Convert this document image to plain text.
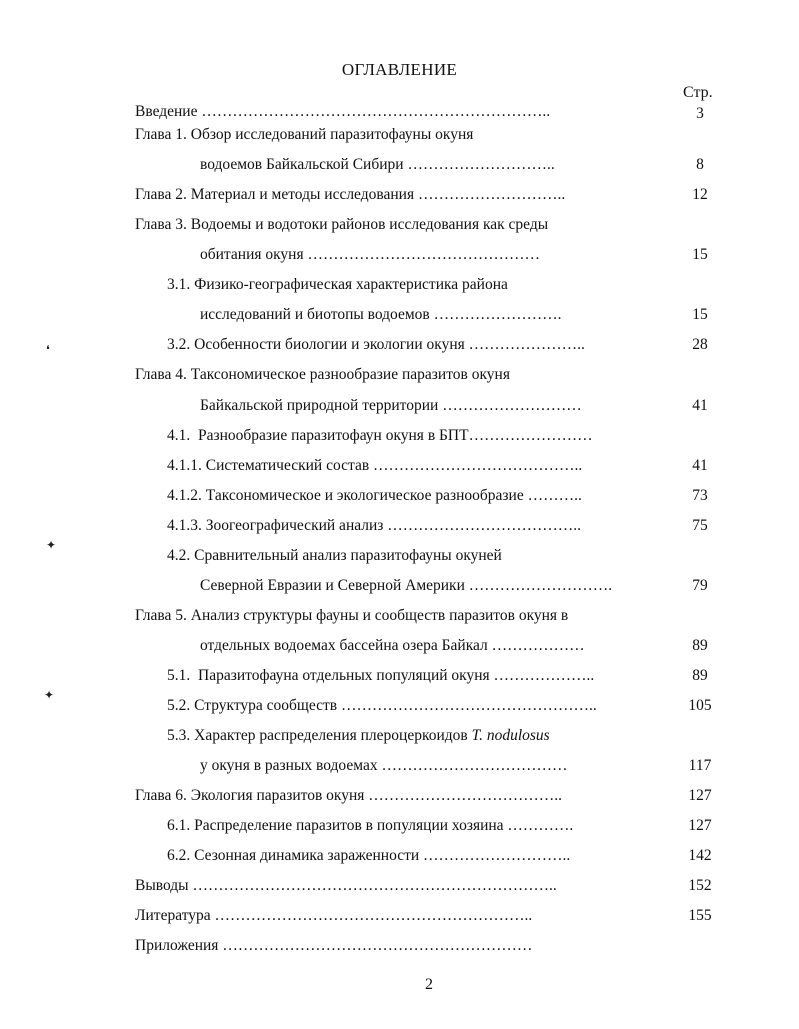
ОГЛАВЛЕНИЕ
Стр.
Введение …………………………………………………………..	3
Глава 1. Обзор исследований паразитофауны окуня
водоемов Байкальской Сибири ………………………..	8
Глава 2. Материал и методы исследования ………………………..	12
Глава 3. Водоемы и водотоки районов исследования как среды
обитания окуня ………………………………………	15
3.1. Физико-географическая характеристика района
исследований и биотопы водоемов …………………….	15
3.2. Особенности биологии и экологии окуня …………………..	28
Глава 4. Таксономическое разнообразие паразитов окуня
Байкальской природной территории ………………………	41
4.1.  Разнообразие паразитофаун окуня в БПТ……………………
4.1.1. Систематический состав …………………………………..	41
4.1.2. Таксономическое и экологическое разнообразие ………..	73
4.1.3. Зоогеографический анализ ………………………………..	75
4.2. Сравнительный анализ паразитофауны окуней
Северной Евразии и Северной Америки ……………………….	79
Глава 5. Анализ структуры фауны и сообществ паразитов окуня в
отдельных водоемах бассейна озера Байкал ………………	89
5.1.  Паразитофауна отдельных популяций окуня ………………..	89
5.2. Структура сообществ …………………………………………..	105
5.3. Характер распределения плероцеркоидов T. nodulosus
у окуня в разных водоемах ………………………………	117
Глава 6. Экология паразитов окуня ………………………………..	127
6.1. Распределение паразитов в популяции хозяина ………….	127
6.2. Сезонная динамика зараженности ………………………..	142
Выводы ……………………………………………………………..	152
Литература ……………………………………………………..	155
Приложения ……………………………………………………
2
❛
✦
✦
